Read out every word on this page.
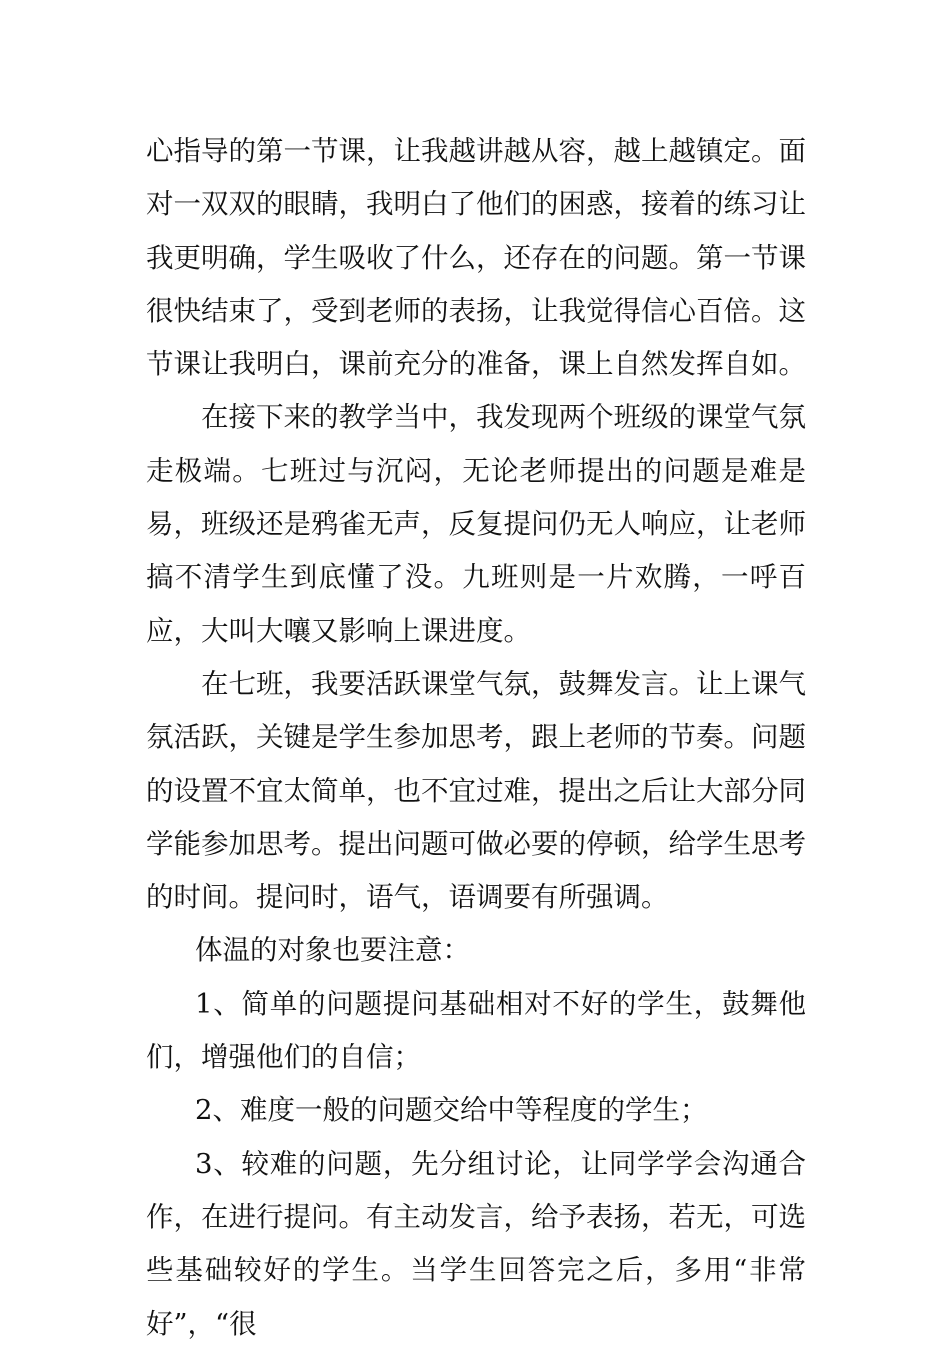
心指导的第一节课，让我越讲越从容，越上越镇定。面对一双双的眼睛，我明白了他们的困惑，接着的练习让我更明确，学生吸收了什么，还存在的问题。第一节课很快结束了，受到老师的表扬，让我觉得信心百倍。这节课让我明白，课前充分的准备，课上自然发挥自如。

在接下来的教学当中，我发现两个班级的课堂气氛走极端。七班过与沉闷，无论老师提出的问题是难是易，班级还是鸦雀无声，反复提问仍无人响应，让老师搞不清学生到底懂了没。九班则是一片欢腾，一呼百应，大叫大嚷又影响上课进度。

在七班，我要活跃课堂气氛，鼓舞发言。让上课气氛活跃，关键是学生参加思考，跟上老师的节奏。问题的设置不宜太简单，也不宜过难，提出之后让大部分同学能参加思考。提出问题可做必要的停顿，给学生思考的时间。提问时，语气，语调要有所强调。

体温的对象也要注意：

1、简单的问题提问基础相对不好的学生，鼓舞他们，增强他们的自信；

2、难度一般的问题交给中等程度的学生；

3、较难的问题，先分组讨论，让同学学会沟通合作，在进行提问。有主动发言，给予表扬，若无，可选些基础较好的学生。当学生回答完之后，多用“非常好”，“很
